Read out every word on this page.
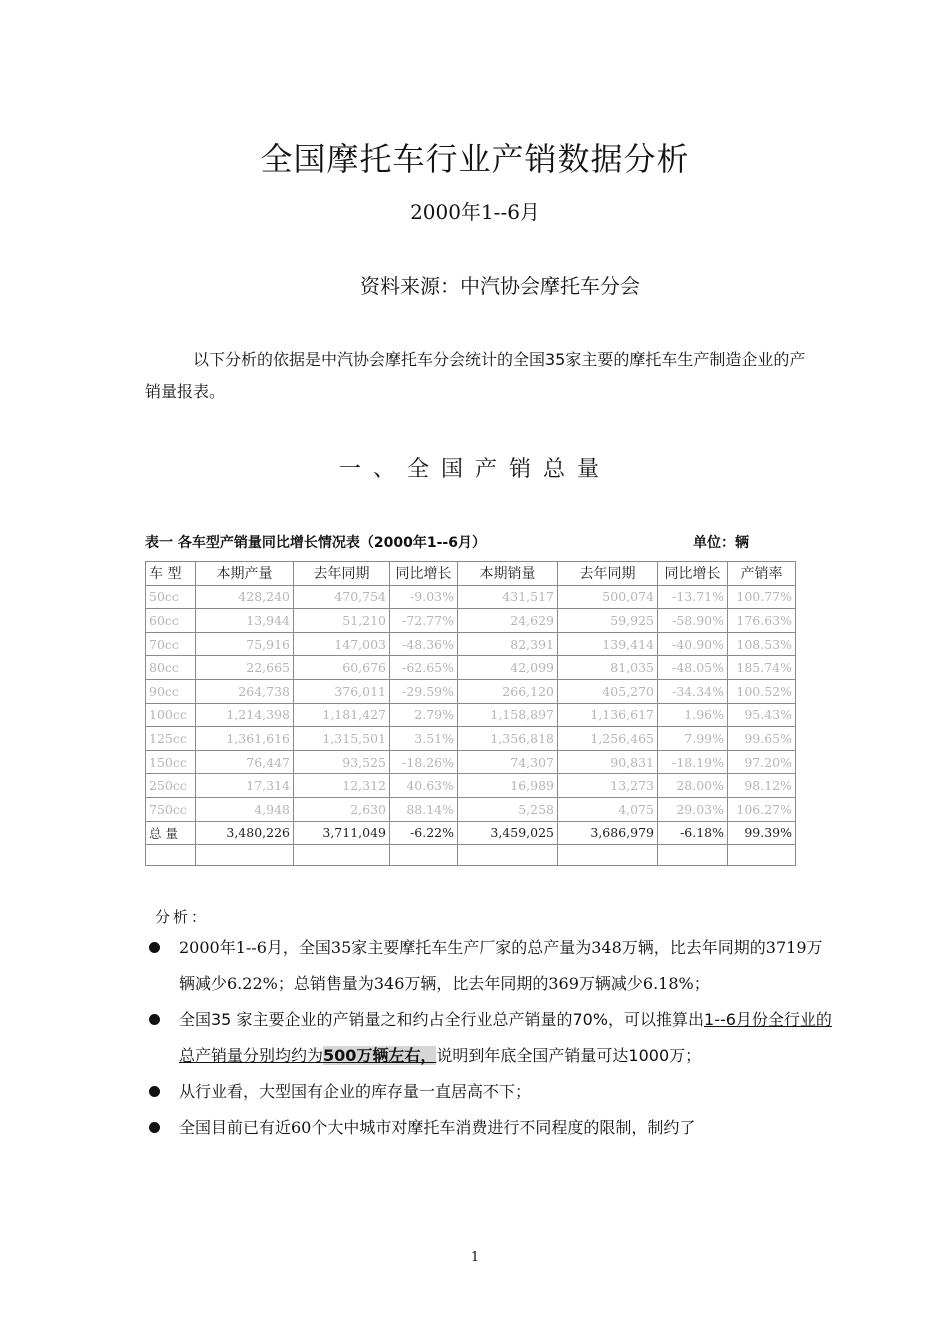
全国摩托车行业产销数据分析
2000年1--6月
资料来源：中汽协会摩托车分会
以下分析的依据是中汽协会摩托车分会统计的全国35家主要的摩托车生产制造企业的产销量报表。
一、全国产销总量
表一 各车型产销量同比增长情况表（2000年1--6月）	单位：辆
车 型	本期产量	去年同期	同比增长	本期销量	去年同期	同比增长	产销率
50cc	428,240	470,754	-9.03%	431,517	500,074	-13.71%	100.77%
60cc	13,944	51,210	-72.77%	24,629	59,925	-58.90%	176.63%
70cc	75,916	147,003	-48.36%	82,391	139,414	-40.90%	108.53%
80cc	22,665	60,676	-62.65%	42,099	81,035	-48.05%	185.74%
90cc	264,738	376,011	-29.59%	266,120	405,270	-34.34%	100.52%
100cc	1,214,398	1,181,427	2.79%	1,158,897	1,136,617	1.96%	95.43%
125cc	1,361,616	1,315,501	3.51%	1,356,818	1,256,465	7.99%	99.65%
150cc	76,447	93,525	-18.26%	74,307	90,831	-18.19%	97.20%
250cc	17,314	12,312	40.63%	16,989	13,273	28.00%	98.12%
750cc	4,948	2,630	88.14%	5,258	4,075	29.03%	106.27%
总 量	3,480,226	3,711,049	-6.22%	3,459,025	3,686,979	-6.18%	99.39%

分析：
2000年1--6月，全国35家主要摩托车生产厂家的总产量为348万辆，比去年同期的3719万辆减少6.22%；总销售量为346万辆，比去年同期的369万辆减少6.18%；
全国35 家主要企业的产销量之和约占全行业总产销量的70%，可以推算出1--6月份全行业的总产销量分别均约为500万辆左右，说明到年底全国产销量可达1000万；
从行业看，大型国有企业的库存量一直居高不下；
全国目前已有近60个大中城市对摩托车消费进行不同程度的限制，制约了
1
